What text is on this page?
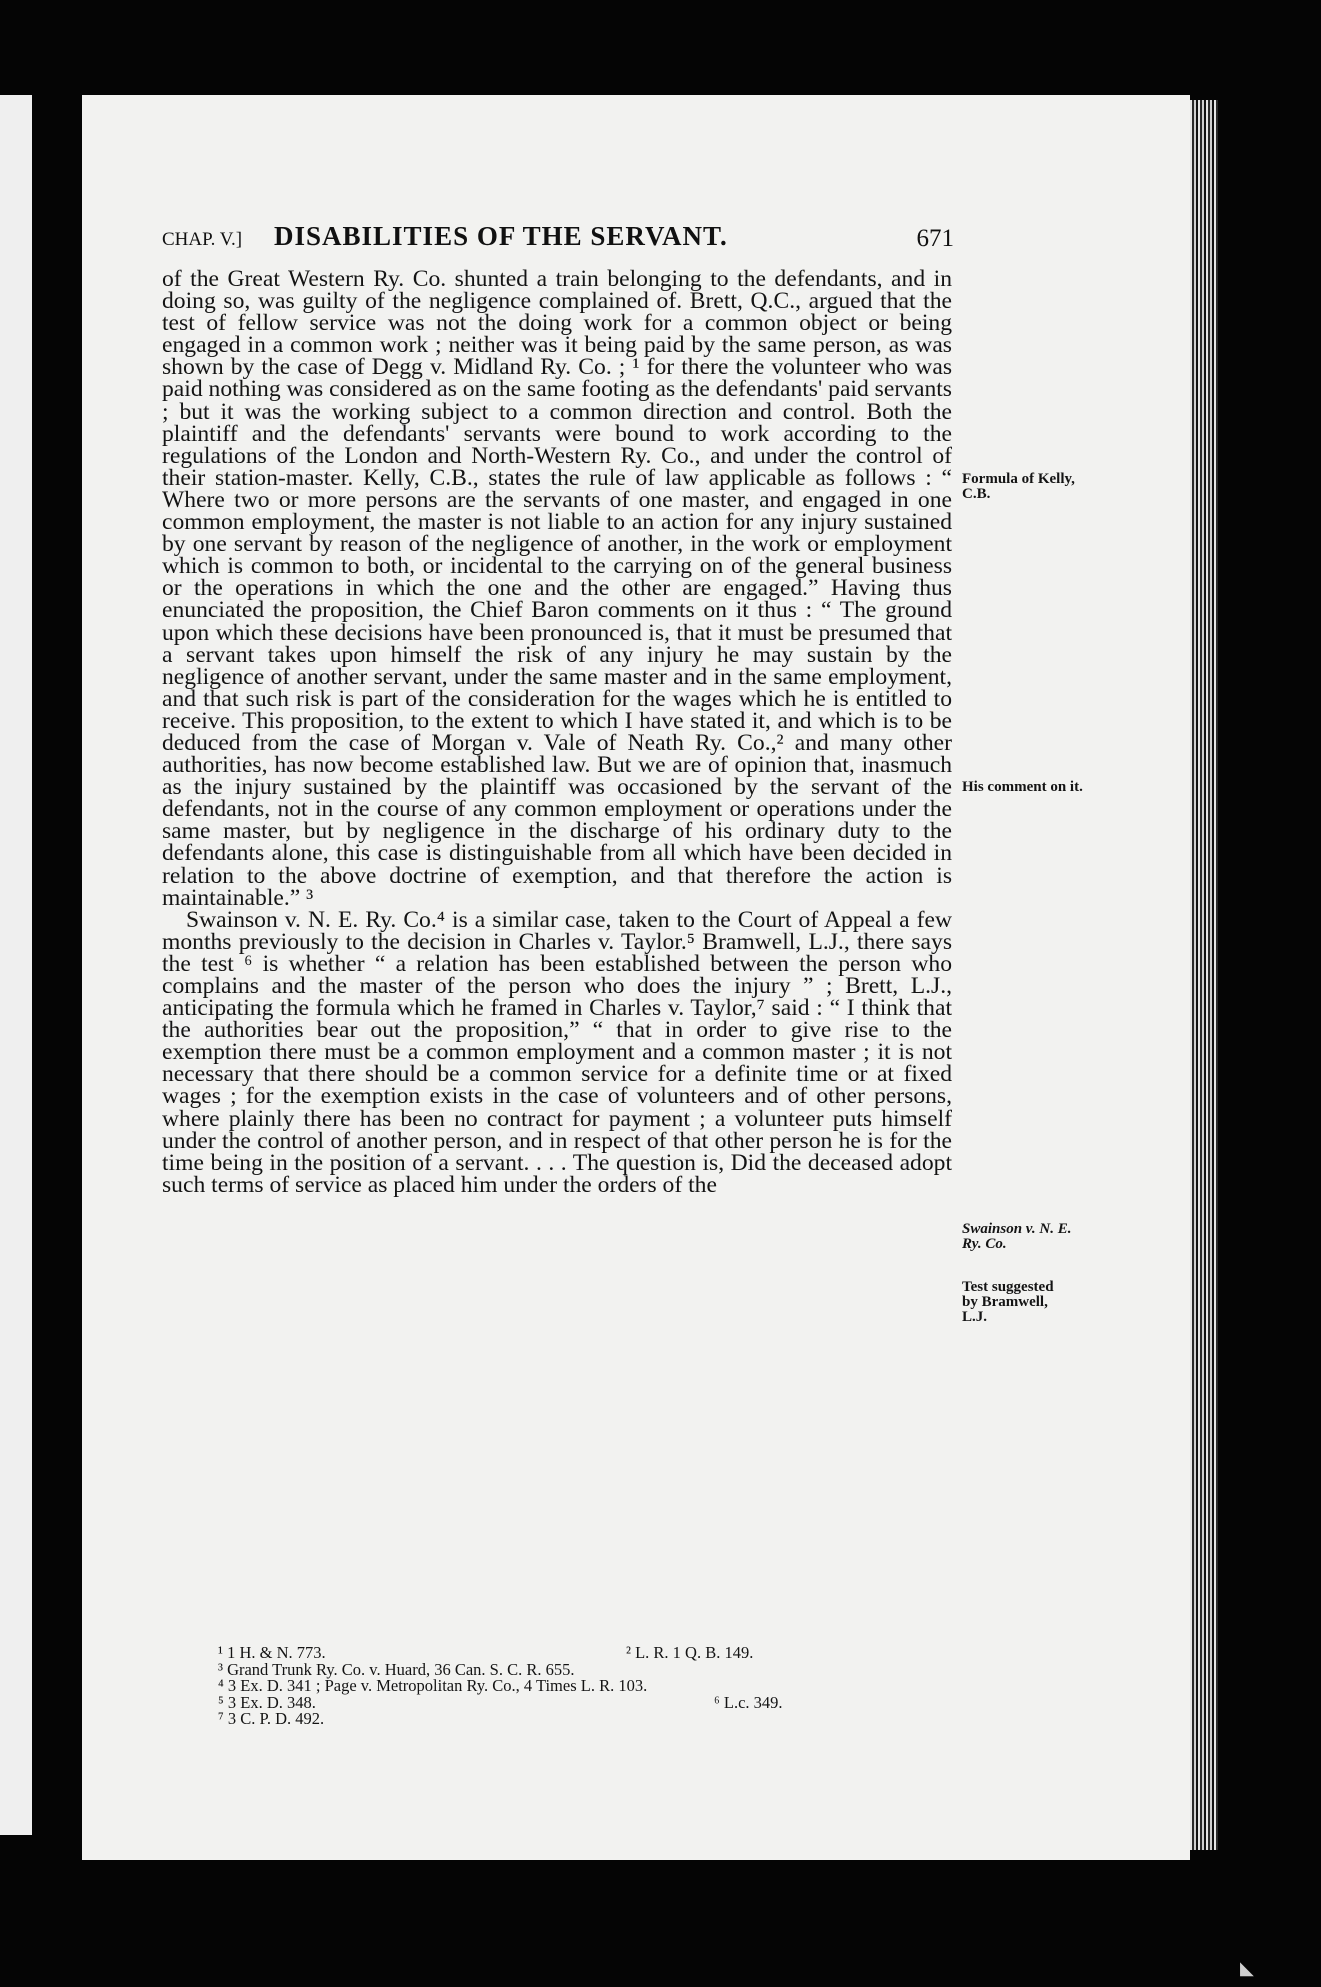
CHAP. V.] DISABILITIES OF THE SERVANT.	671

of the Great Western Ry. Co. shunted a train belonging to the defendants, and in doing so, was guilty of the negligence complained of. Brett, Q.C., argued that the test of fellow service was not the doing work for a common object or being engaged in a common work ; neither was it being paid by the same person, as was shown by the case of Degg v. Midland Ry. Co. ; ¹ for there the volunteer who was paid nothing was considered as on the same footing as the defendants' paid servants ; but it was the working subject to a common direction and control. Both the plaintiff and the defendants' servants were bound to work according to the regulations of the London and North-Western Ry. Co., and under the control of their station-master. Kelly, C.B., states the rule of law applicable as follows : “ Where two or more persons are the servants of one master, and engaged in one common employment, the master is not liable to an action for any injury sustained by one servant by reason of the negligence of another, in the work or employment which is common to both, or incidental to the carrying on of the general business or the operations in which the one and the other are engaged.” Having thus enunciated the proposition, the Chief Baron comments on it thus : “ The ground upon which these decisions have been pronounced is, that it must be presumed that a servant takes upon himself the risk of any injury he may sustain by the negligence of another servant, under the same master and in the same employment, and that such risk is part of the consideration for the wages which he is entitled to receive. This proposition, to the extent to which I have stated it, and which is to be deduced from the case of Morgan v. Vale of Neath Ry. Co.,² and many other authorities, has now become established law. But we are of opinion that, inasmuch as the injury sustained by the plaintiff was occasioned by the servant of the defendants, not in the course of any common employment or operations under the same master, but by negligence in the discharge of his ordinary duty to the defendants alone, this case is distinguishable from all which have been decided in relation to the above doctrine of exemption, and that therefore the action is maintainable.” ³

Swainson v. N. E. Ry. Co.⁴ is a similar case, taken to the Court of Appeal a few months previously to the decision in Charles v. Taylor.⁵ Bramwell, L.J., there says the test ⁶ is whether “ a relation has been established between the person who complains and the master of the person who does the injury ” ; Brett, L.J., anticipating the formula which he framed in Charles v. Taylor,⁷ said : “ I think that the authorities bear out the proposition,” “ that in order to give rise to the exemption there must be a common employment and a common master ; it is not necessary that there should be a common service for a definite time or at fixed wages ; for the exemption exists in the case of volunteers and of other persons, where plainly there has been no contract for payment ; a volunteer puts himself under the control of another person, and in respect of that other person he is for the time being in the position of a servant. . . . The question is, Did the deceased adopt such terms of service as placed him under the orders of the

Formula of Kelly, C.B.
His comment on it.
Swainson v. N. E. Ry. Co.
Test suggested by Bramwell, L.J.
¹ 1 H. & N. 773.	² L. R. 1 Q. B. 149.
³ Grand Trunk Ry. Co. v. Huard, 36 Can. S. C. R. 655.
⁴ 3 Ex. D. 341 ; Page v. Metropolitan Ry. Co., 4 Times L. R. 103.
⁵ 3 Ex. D. 348.	⁶ L.c. 349.
⁷ 3 C. P. D. 492.
◣
